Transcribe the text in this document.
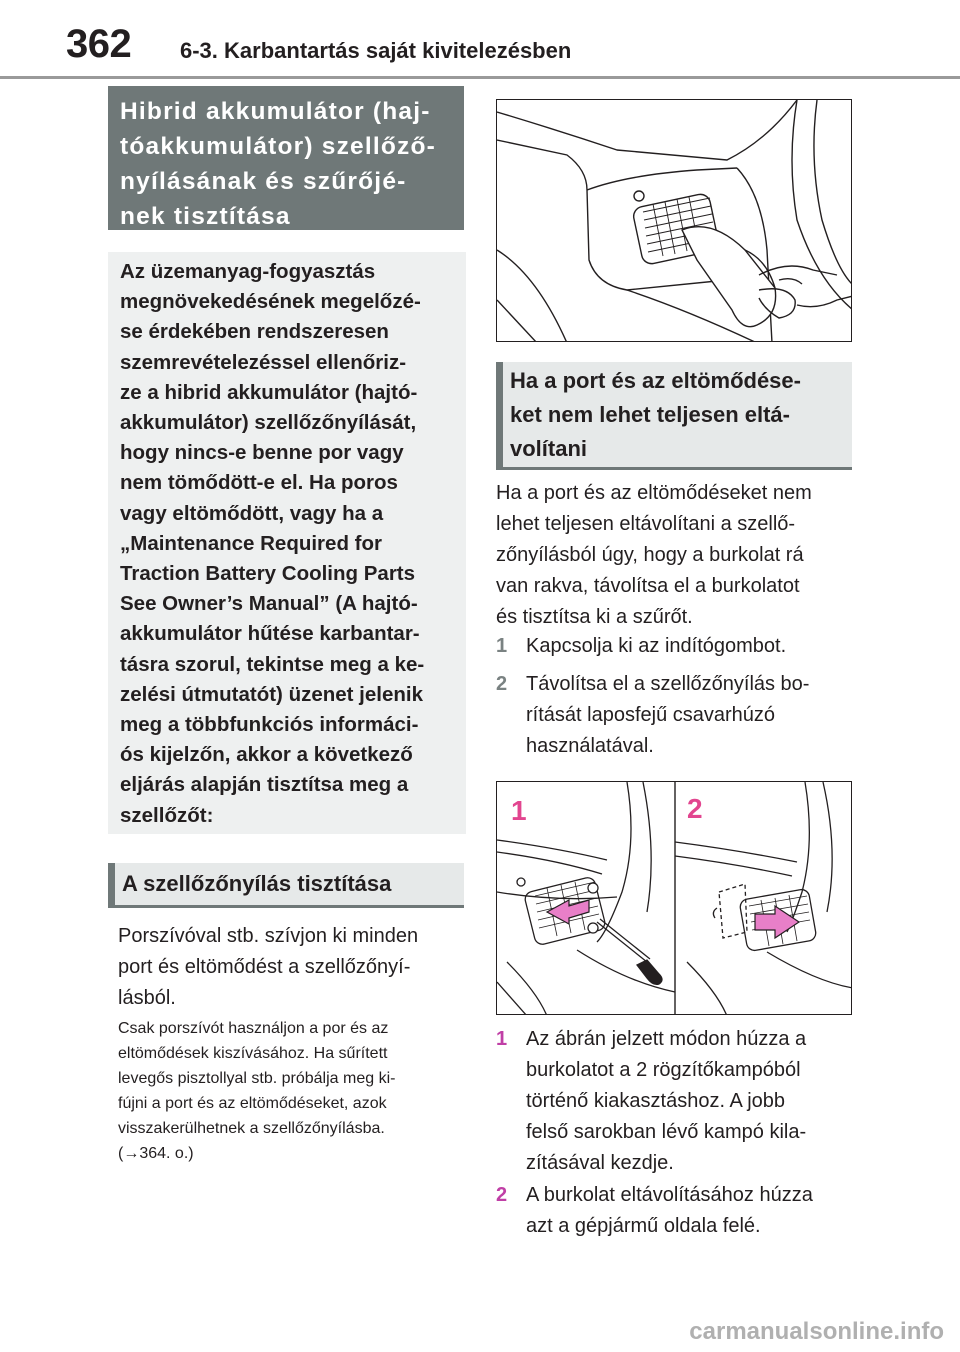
362 6-3. Karbantartás saját kivitelezésben
Hibrid akkumulátor (haj-
tóakkumulátor) szellőző-
nyílásának és szűrőjé-
nek tisztítása

Az üzemanyag-fogyasztás

megnövekedésének megelőzé-

se érdekében rendszeresen

szemrevételezéssel ellenőriz-

ze a hibrid akkumulátor (hajtó-

akkumulátor) szellőzőnyílását,

hogy nincs-e benne por vagy

nem tömődött-e el. Ha poros

vagy eltömődött, vagy ha a

„Maintenance Required for

Traction Battery Cooling Parts

See Owner’s Manual” (A hajtó-

akkumulátor hűtése karbantar-

tásra szorul, tekintse meg a ke-

zelési útmutatót) üzenet jelenik

meg a többfunkciós informáci-

ós kijelzőn, akkor a következő

eljárás alapján tisztítsa meg a

szellőzőt:

A szellőzőnyílás tisztítása
Porszívóval stb. szívjon ki minden
port és eltömődést a szellőzőnyí-
lásból.
Csak porszívót használjon a por és az
eltömődések kiszívásához. Ha sűrített
levegős pisztollyal stb. próbálja meg ki-
fújni a port és az eltömődéseket, azok
visszakerülhetnek a szellőzőnyílásba.
(→364. o.)
Ha a port és az eltömődése-
ket nem lehet teljesen eltá-
volítani
Ha a port és az eltömődéseket nem
lehet teljesen eltávolítani a szellő-
zőnyílásból úgy, hogy a burkolat rá
van rakva, távolítsa el a burkolatot
és tisztítsa ki a szűrőt.
1 Kapcsolja ki az indítógombot.
2 Távolítsa el a szellőzőnyílás bo-
rítását laposfejű csavarhúzó
használatával.
1	2
1 Az ábrán jelzett módon húzza a
burkolatot a 2 rögzítőkampóból
történő kiakasztáshoz. A jobb
felső sarokban lévő kampó kila-
zításával kezdje.
2 A burkolat eltávolításához húzza
azt a gépjármű oldala felé.
carmanualsonline.info
